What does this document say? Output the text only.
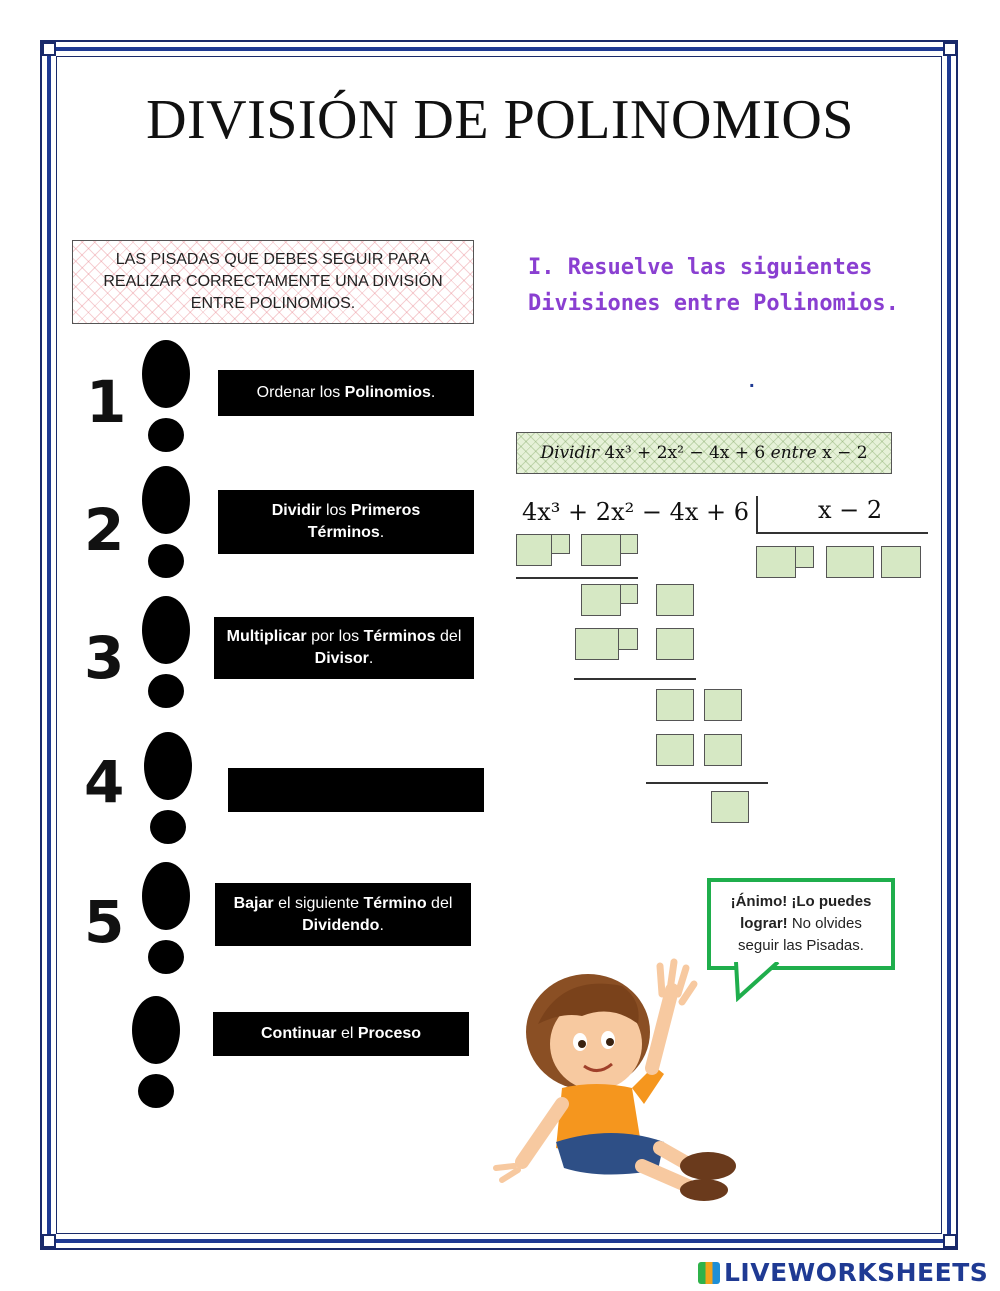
DIVISIÓN DE POLINOMIOS
LAS PISADAS QUE DEBES SEGUIR PARA REALIZAR CORRECTAMENTE UNA DIVISIÓN ENTRE POLINOMIOS.
I. Resuelve las siguientes Divisiones entre Polinomios.
.
1	Ordenar los Polinomios.
2	Dividir los Primeros Términos.
3	Multiplicar por los Términos del Divisor.
4
5	Bajar el siguiente Término del Dividendo.
Continuar el Proceso
Dividir
4x³ + 2x² − 4x + 6
entre
x − 2
4x³ + 2x² − 4x + 6	x − 2
¡Ánimo! ¡Lo puedes lograr! No olvides seguir las Pisadas.
LIVEWORKSHEETS
